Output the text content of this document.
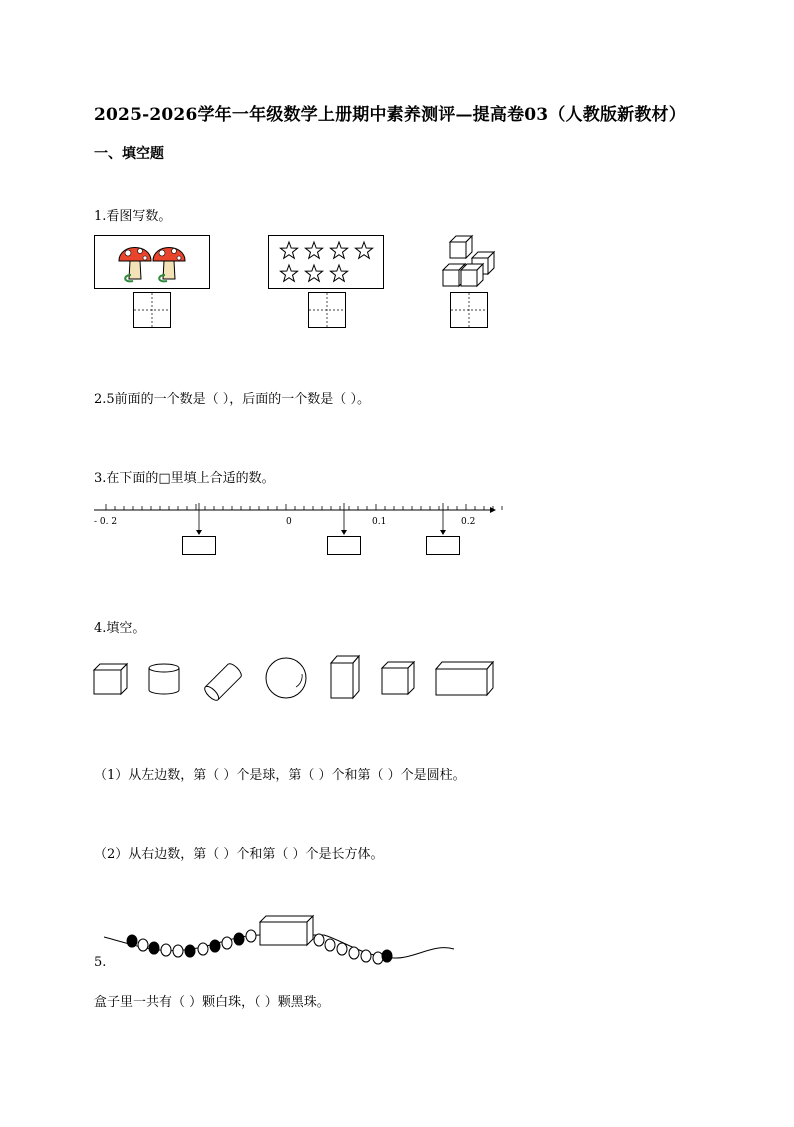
2025-2026学年一年级数学上册期中素养测评—提高卷03（人教版新教材）
一、填空题
1.看图写数。
2.5前面的一个数是（ ），后面的一个数是（ ）。
3.在下面的□里填上合适的数。
- 0. 2	0	0.1	0.2
4.填空。
（1）从左边数，第（ ）个是球，第（ ）个和第（ ）个是圆柱。
（2）从右边数，第（ ）个和第（ ）个是长方体。
5.
盒子里一共有（ ）颗白珠，（ ）颗黑珠。
